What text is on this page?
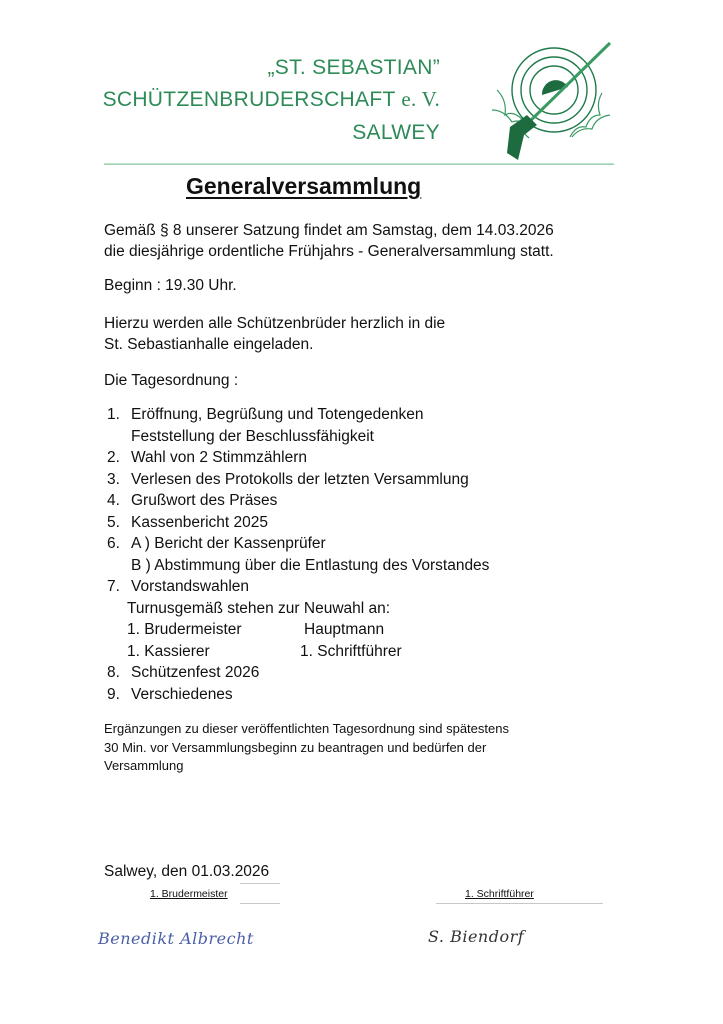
„ST. SEBASTIAN”
SCHÜTZENBRUDERSCHAFT e. V.
SALWEY
Generalversammlung
Gemäß § 8 unserer Satzung findet am Samstag, dem 14.03.2026
die diesjährige ordentliche Frühjahrs - Generalversammlung statt.
Beginn : 19.30 Uhr.
Hierzu werden alle Schützenbrüder herzlich in die
St. Sebastianhalle eingeladen.
Die Tagesordnung :
1. Eröffnung, Begrüßung und Totengedenken
Feststellung der Beschlussfähigkeit
2. Wahl von 2 Stimmzählern
3. Verlesen des Protokolls der letzten Versammlung
4. Grußwort des Präses
5. Kassenbericht 2025
6. A ) Bericht der Kassenprüfer
B ) Abstimmung über die Entlastung des Vorstandes
7. Vorstandswahlen
Turnusgemäß stehen zur Neuwahl an:
1. Brudermeister	Hauptmann
1. Kassierer	1. Schriftführer
8. Schützenfest 2026
9. Verschiedenes
Ergänzungen zu dieser veröffentlichten Tagesordnung sind spätestens
30 Min. vor Versammlungsbeginn zu beantragen und bedürfen der
Versammlung
Salwey, den 01.03.2026
1. Brudermeister	1. Schriftführer
Benedikt Albrecht	S. Biendorf
